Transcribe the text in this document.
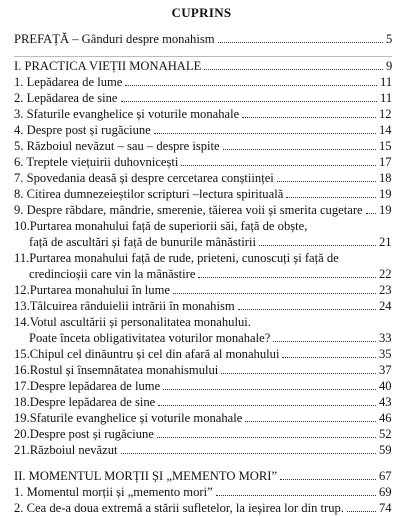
CUPRINS
PREFAȚĂ – Gânduri despre monahism	5
I. PRACTICA VIEȚII MONAHALE	9
1. Lepădarea de lume	11
2. Lepădarea de sine	11
3. Sfaturile evanghelice și voturile monahale	12
4. Despre post și rugăciune	14
5. Războiul nevăzut – sau – despre ispite	15
6. Treptele viețuirii duhovnicești	17
7. Spovedania deasă și despre cercetarea conștiinței	18
8. Citirea dumnezeieștilor scripturi –lectura spirituală	19
9. Despre răbdare, mândrie, smerenie, tăierea voii și smerita cugetare 19
10.Purtarea monahului față de superiorii săi, față de obște,
față de ascultări și față de bunurile mânăstirii	21
11.Purtarea monahului față de rude, prieteni, cunoscuți și față de
credincioșii care vin la mânăstire	22
12.Purtarea monahului în lume	23
13.Tâlcuirea rânduielii intrării în monahism	24
14.Votul ascultării și personalitatea monahului.
Poate înceta obligativitatea voturilor monahale?	33
15.Chipul cel dinăuntru și cel din afară al monahului	35
16.Rostul și însemnătatea monahismului	37
17.Despre lepădarea de lume	40
18.Despre lepădarea de sine	43
19.Sfaturile evanghelice și voturile monahale	46
20.Despre post și rugăciune	52
21.Războiul nevăzut	59
II. MOMENTUL MORȚII ȘI „MEMENTO MORI”	67
1. Momentul morții și „memento mori”	69
2. Cea de-a doua extremă a stării sufletelor, la ieșirea lor din trup.	74
